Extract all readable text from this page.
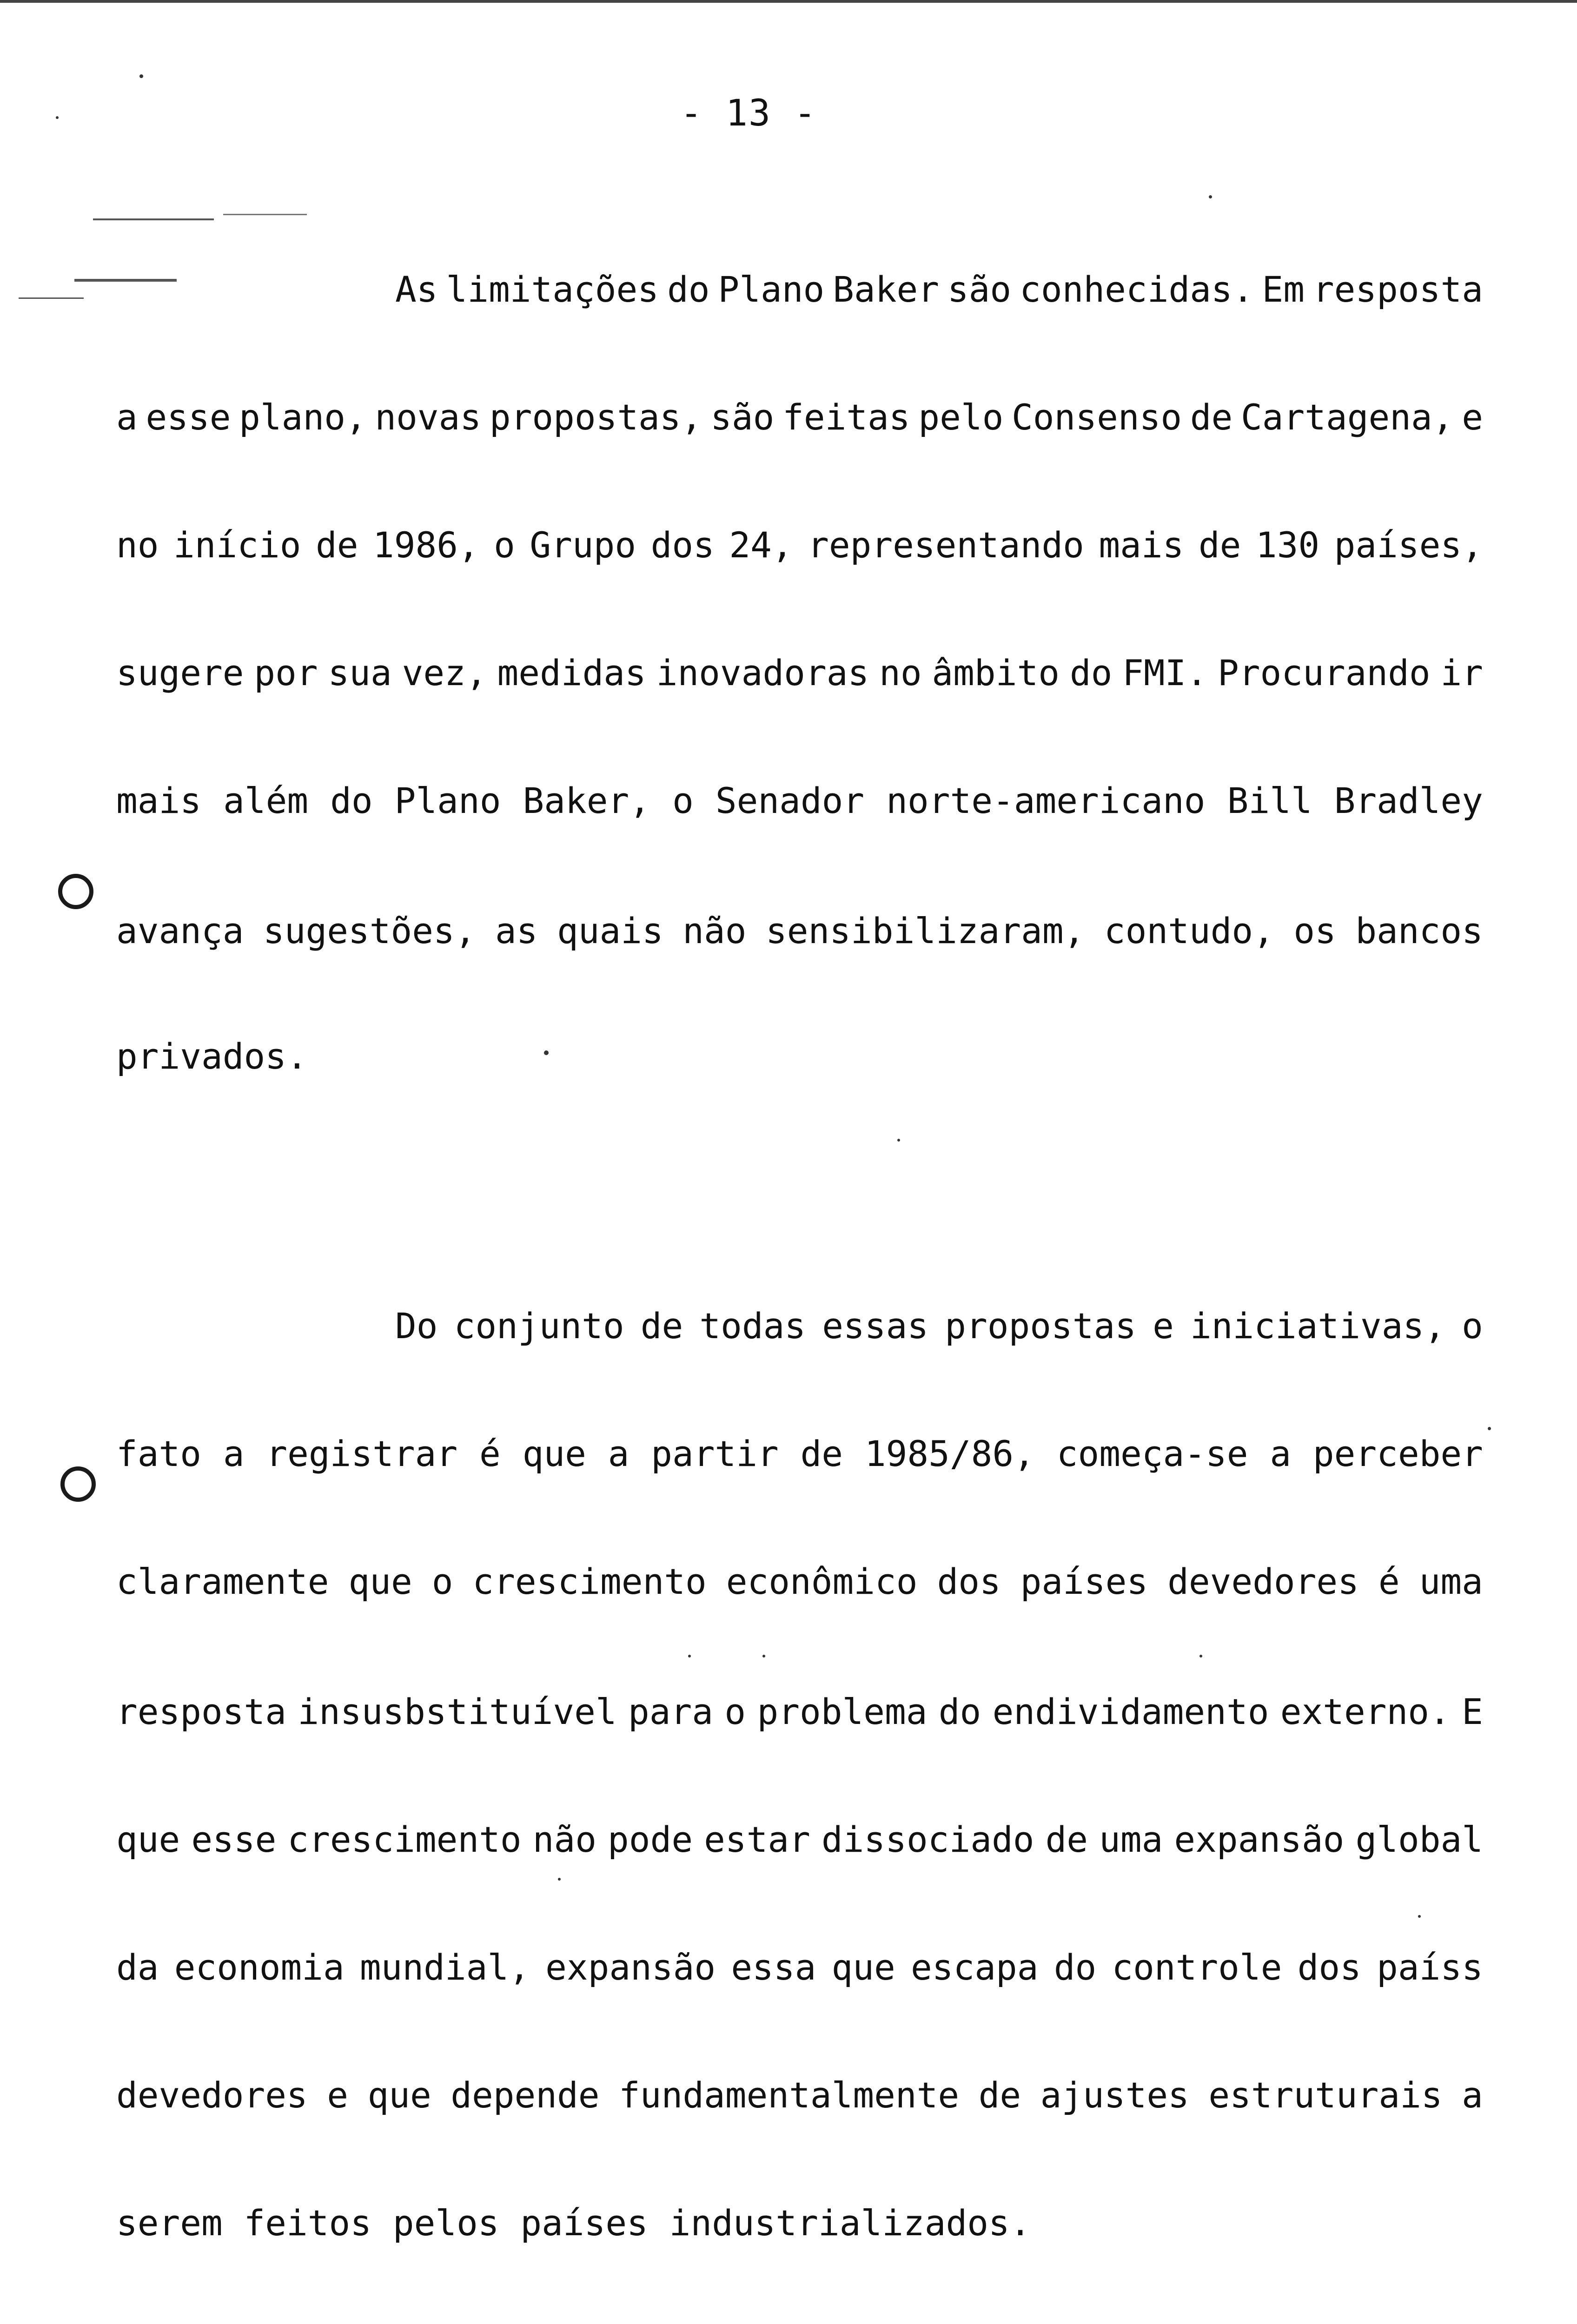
- 13 -
As limitações do Plano Baker são conhecidas. Em resposta
a esse plano, novas propostas, são feitas pelo Consenso de Cartagena, e
no início de 1986, o Grupo dos 24, representando mais de 130 países,
sugere por sua vez, medidas inovadoras no âmbito do FMI. Procurando ir
mais além do Plano Baker, o Senador norte-americano Bill Bradley
avança sugestões, as quais não sensibilizaram, contudo, os bancos
privados.
Do conjunto de todas essas propostas e iniciativas, o
fato a registrar é que a partir de 1985/86, começa-se a perceber
claramente que o crescimento econômico dos países devedores é uma
resposta insusbstituível para o problema do endividamento externo. E
que esse crescimento não pode estar dissociado de uma expansão global
da economia mundial, expansão essa que escapa do controle dos paíss
devedores e que depende fundamentalmente de ajustes estruturais a
serem feitos pelos países industrializados.
